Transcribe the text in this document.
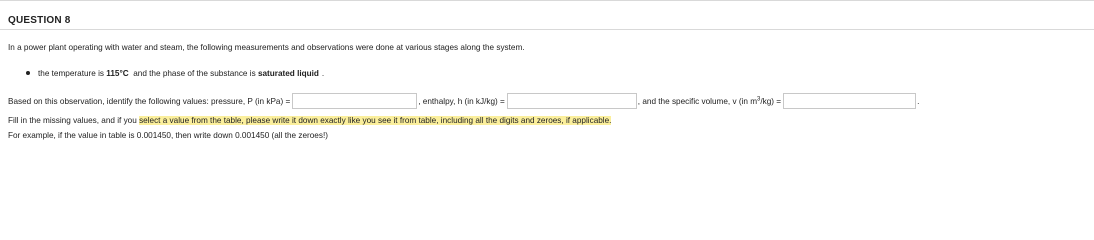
QUESTION 8
In a power plant operating with water and steam, the following measurements and observations were done at various stages along the system.
the temperature is 115°C  and the phase of the substance is saturated liquid .
Based on this observation, identify the following values: pressure, P (in kPa) =	, enthalpy, h (in kJ/kg) =	, and the specific volume, v (in $m^3/kg$) =	.
Fill in the missing values, and if you select a value from the table, please write it down exactly like you see it from table, including all the digits and zeroes, if applicable.
For example, if the value in table is 0.001450, then write down 0.001450 (all the zeroes!)
